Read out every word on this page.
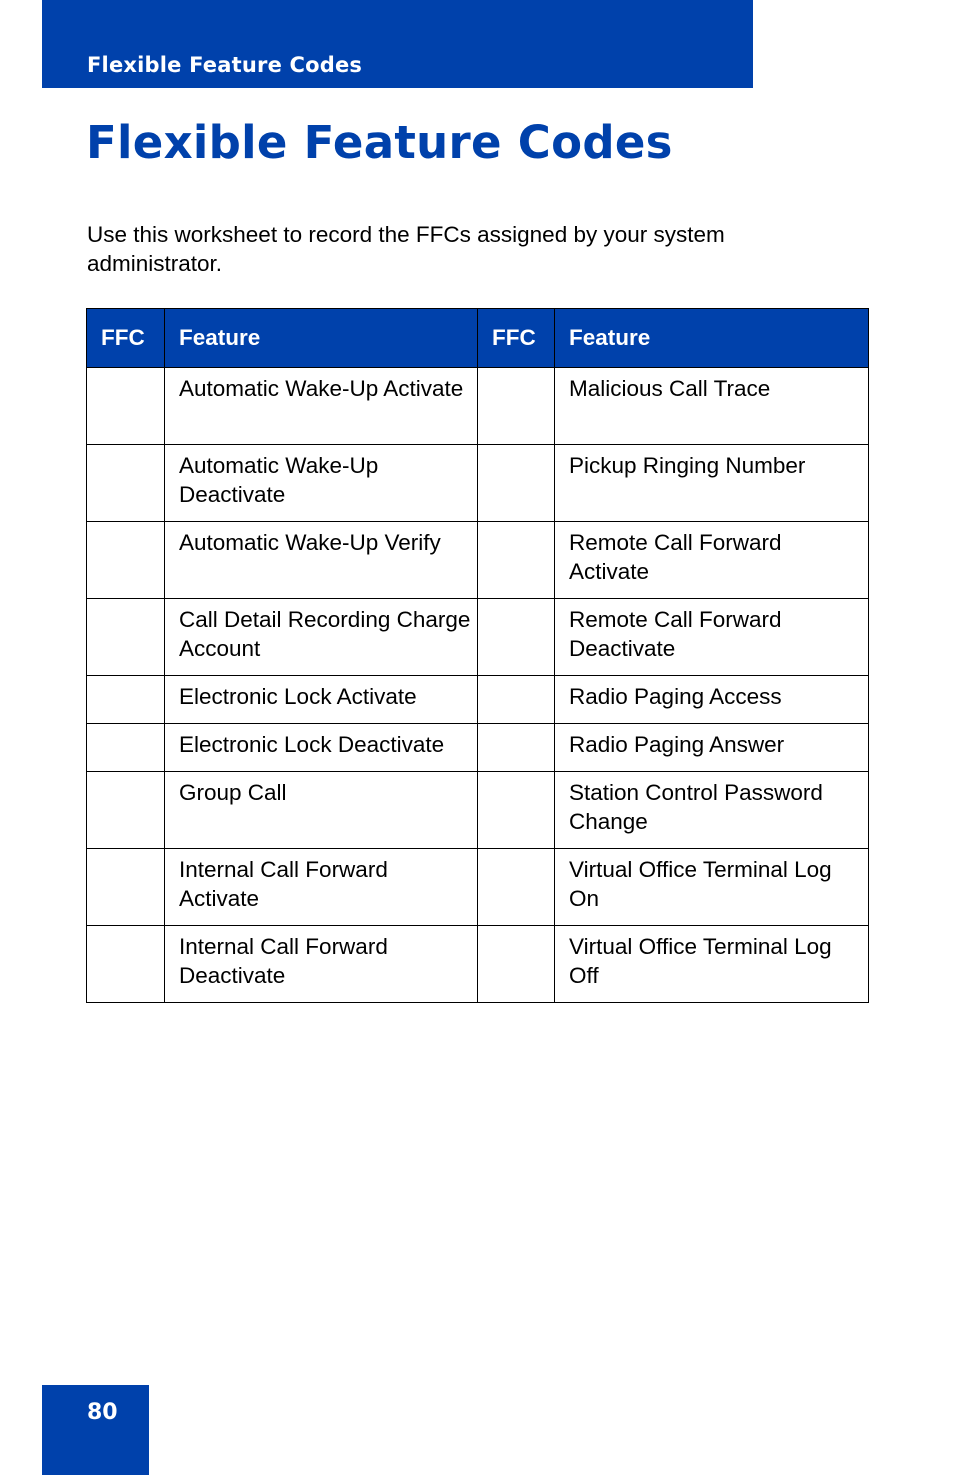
Flexible Feature Codes
Flexible Feature Codes

Use this worksheet to record the FFCs assigned by your system administrator.

FFC	Feature	FFC	Feature
	Automatic Wake-Up Activate		Malicious Call Trace
	Automatic Wake-Up Deactivate		Pickup Ringing Number
	Automatic Wake-Up Verify		Remote Call Forward Activate
	Call Detail Recording Charge Account		Remote Call Forward Deactivate
	Electronic Lock Activate		Radio Paging Access
	Electronic Lock Deactivate		Radio Paging Answer
	Group Call		Station Control Password Change
	Internal Call Forward Activate		Virtual Office Terminal Log On
	Internal Call Forward Deactivate		Virtual Office Terminal Log Off
80
